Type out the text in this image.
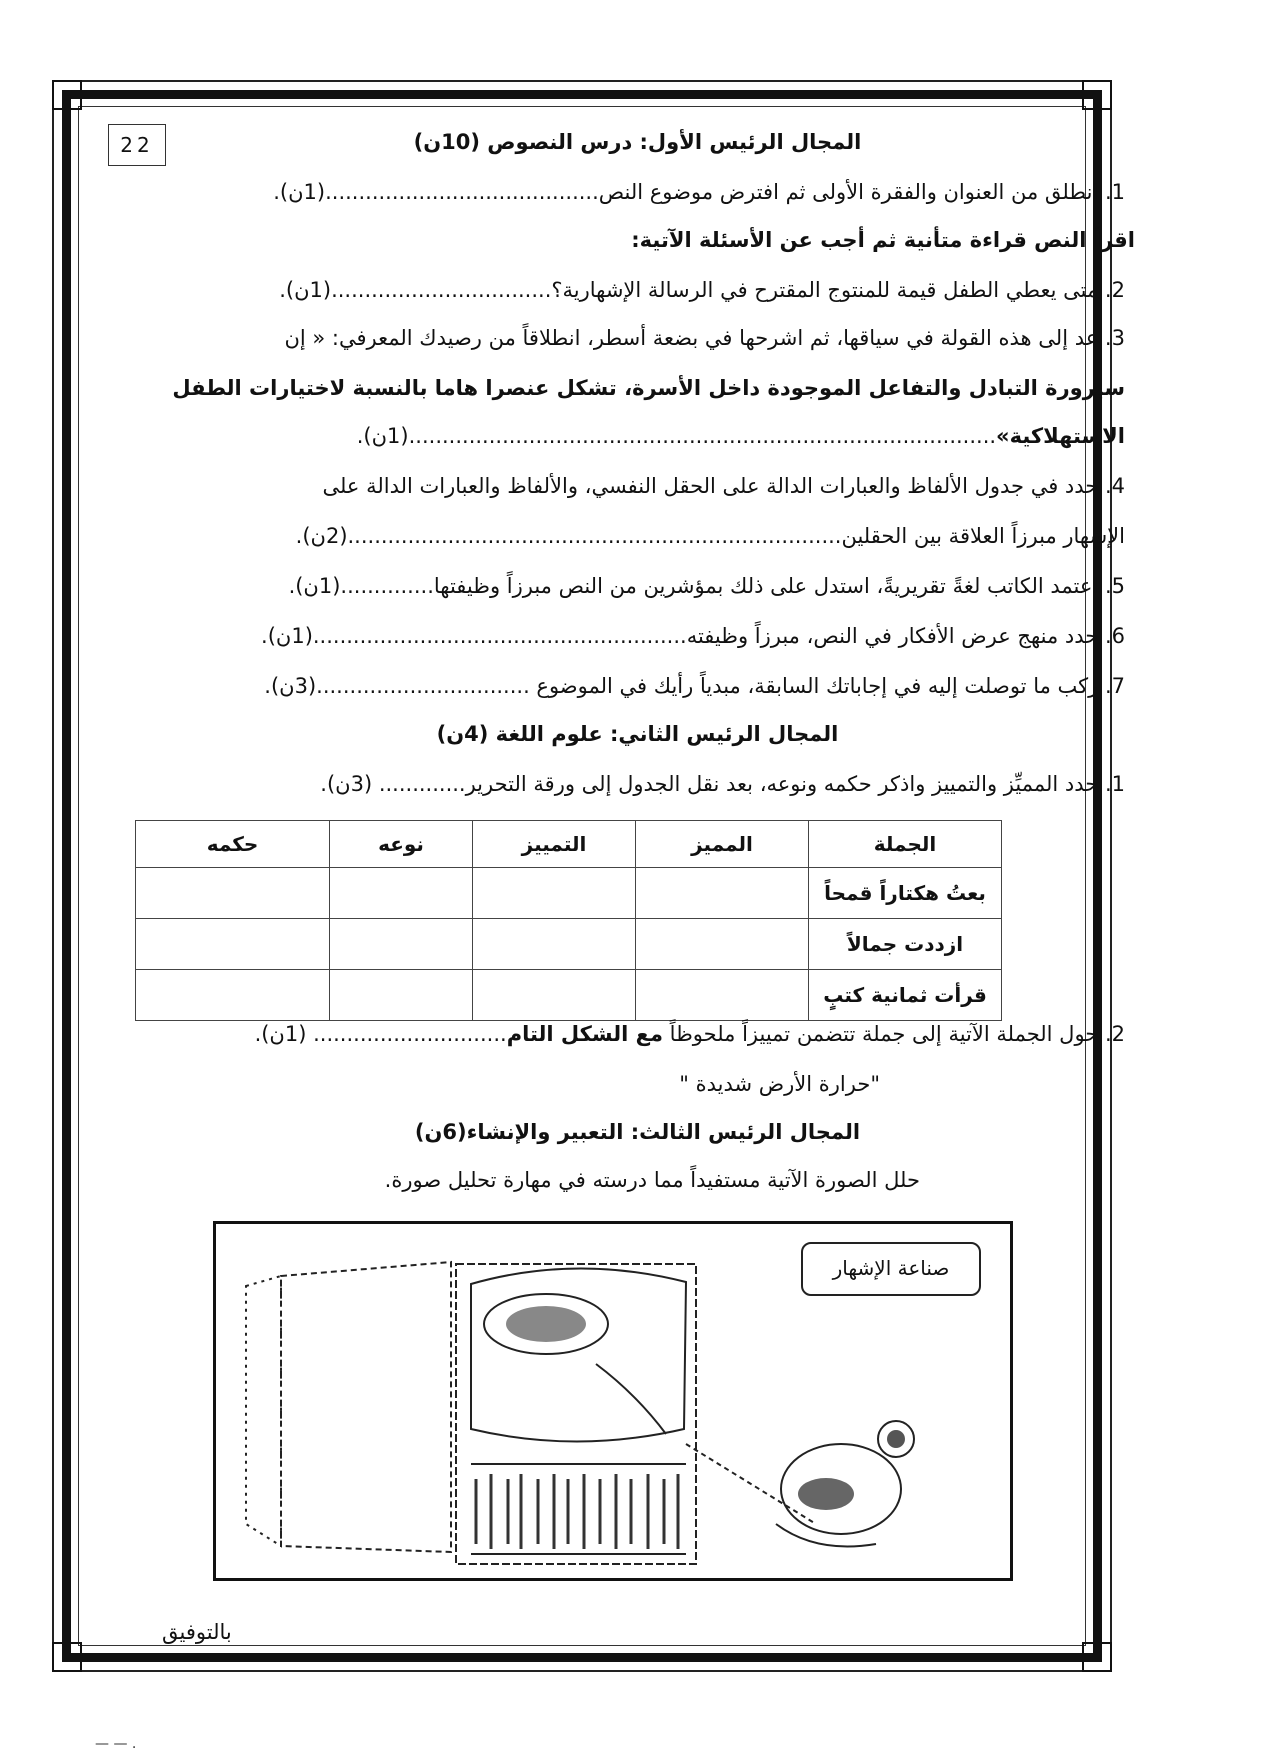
22	المجال الرئيس الأول: درس النصوص (10ن)
1. انطلق من العنوان والفقرة الأولى ثم افترض موضوع النص.........................................(1ن).
اقرأ النص قراءة متأنية ثم أجب عن الأسئلة الآتية:
2. متى يعطي الطفل قيمة للمنتوج المقترح في الرسالة الإشهارية؟.................................(1ن).
3. عد إلى هذه القولة في سياقها، ثم اشرحها في بضعة أسطر، انطلاقاً من رصيدك المعرفي: « إن
سيرورة التبادل والتفاعل الموجودة داخل الأسرة، تشكل عنصرا هاما بالنسبة لاختيارات الطفل
الاستهلاكية»........................................................................................(1ن).
4. حدد في جدول الألفاظ والعبارات الدالة على الحقل النفسي، والألفاظ والعبارات الدالة على
الإشهار مبرزاً العلاقة بين الحقلين..........................................................................(2ن).
5. اعتمد الكاتب لغةً تقريريةً، استدل على ذلك بمؤشرين من النص مبرزاً وظيفتها..............(1ن).
6. حدد منهج عرض الأفكار في النص، مبرزاً وظيفته........................................................(1ن).
7. ركب ما توصلت إليه في إجاباتك السابقة، مبدياً رأيك في الموضوع ................................(3ن).
المجال الرئيس الثاني: علوم اللغة (4ن)
1. حدد المميِّز والتمييز واذكر حكمه ونوعه، بعد نقل الجدول إلى ورقة التحرير............. (3ن).
الجملة	المميز	التمييز	نوعه	حكمه
بعتُ هكتاراً قمحاً				
ازددت جمالاً				
قرأت ثمانية كتبٍ				
2. حول الجملة الآتية إلى جملة تتضمن تمييزاً ملحوظاً مع الشكل التام............................. (1ن).
"حرارة الأرض شديدة "
المجال الرئيس الثالث: التعبير والإنشاء(6ن)
حلل الصورة الآتية مستفيداً مما درسته في مهارة تحليل صورة.
صناعة الإشهار
بالتوفيق
— — .
